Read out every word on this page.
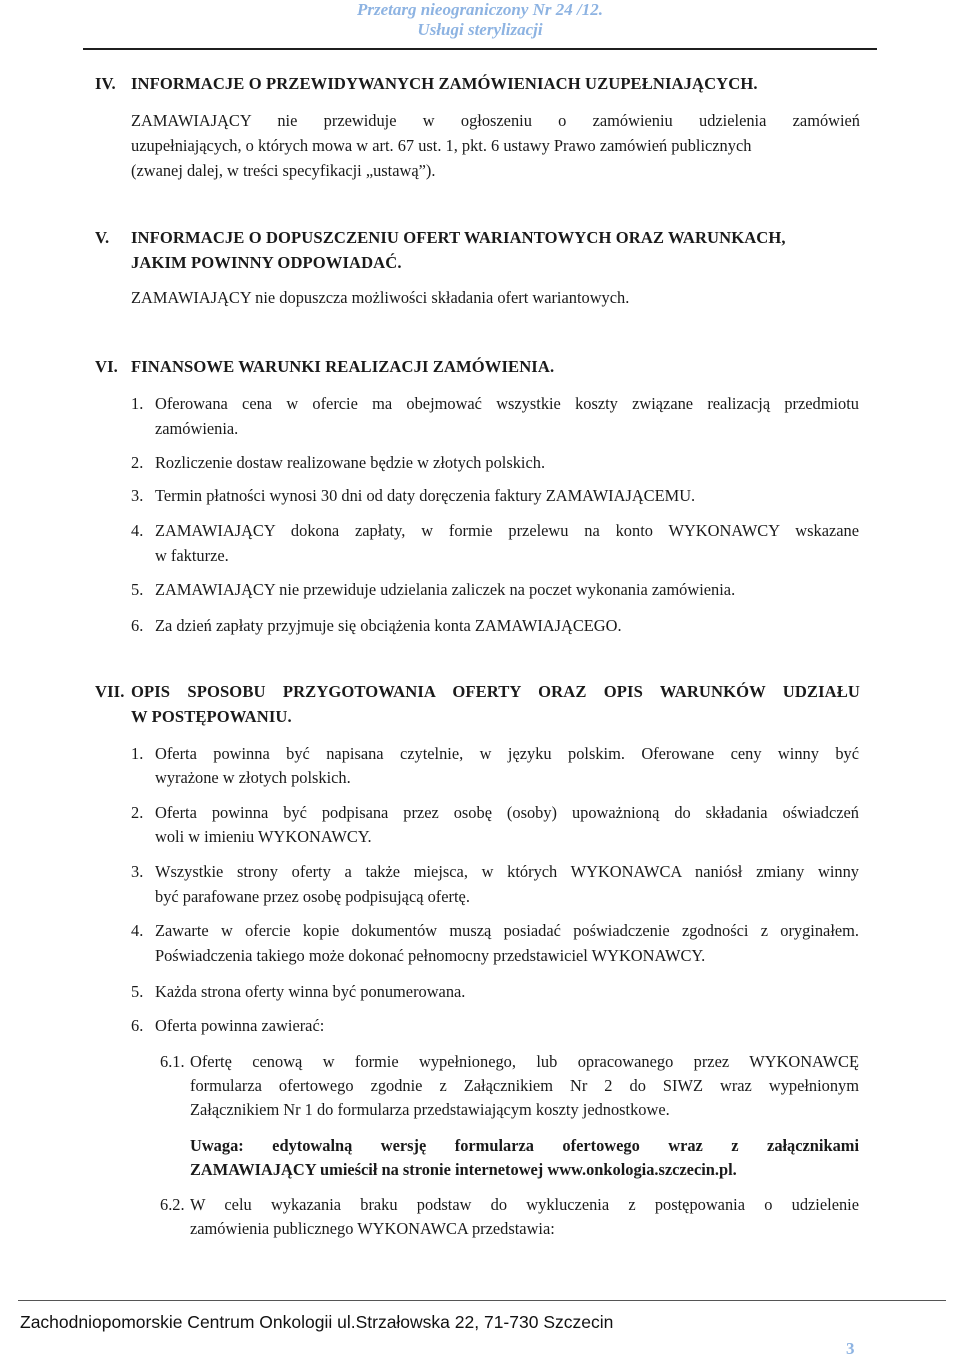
Przetarg nieograniczony Nr 24 /12.
Usługi sterylizacji
IV. INFORMACJE O PRZEWIDYWANYCH ZAMÓWIENIACH UZUPEŁNIAJĄCYCH.
ZAMAWIAJĄCY nie przewiduje w ogłoszeniu o zamówieniu udzielenia zamówień
uzupełniających, o których mowa w art. 67 ust. 1, pkt. 6 ustawy Prawo zamówień publicznych
(zwanej dalej, w treści specyfikacji „ustawą”).
V. INFORMACJE O DOPUSZCZENIU OFERT WARIANTOWYCH ORAZ WARUNKACH,
JAKIM POWINNY ODPOWIADAĆ.
ZAMAWIAJĄCY nie dopuszcza możliwości składania ofert wariantowych.
VI. FINANSOWE WARUNKI REALIZACJI ZAMÓWIENIA.
1. Oferowana cena w ofercie ma obejmować wszystkie koszty związane realizacją przedmiotu
zamówienia.
2. Rozliczenie dostaw realizowane będzie w złotych polskich.
3. Termin płatności wynosi 30 dni od daty doręczenia faktury ZAMAWIAJĄCEMU.
4. ZAMAWIAJĄCY dokona zapłaty, w formie przelewu na konto WYKONAWCY wskazane
w fakturze.
5. ZAMAWIAJĄCY nie przewiduje udzielania zaliczek na poczet wykonania zamówienia.
6. Za dzień zapłaty przyjmuje się obciążenia konta ZAMAWIAJĄCEGO.
VII. OPIS SPOSOBU PRZYGOTOWANIA OFERTY ORAZ OPIS WARUNKÓW UDZIAŁU
W POSTĘPOWANIU.
1. Oferta powinna być napisana czytelnie, w języku polskim. Oferowane ceny winny być
wyrażone w złotych polskich.
2. Oferta powinna być podpisana przez osobę (osoby) upoważnioną do składania oświadczeń
woli w imieniu WYKONAWCY.
3. Wszystkie strony oferty a także miejsca, w których WYKONAWCA naniósł zmiany winny
być parafowane przez osobę podpisującą ofertę.
4. Zawarte w ofercie kopie dokumentów muszą posiadać poświadczenie zgodności z oryginałem.
Poświadczenia takiego może dokonać pełnomocny przedstawiciel WYKONAWCY.
5. Każda strona oferty winna być ponumerowana.
6. Oferta powinna zawierać:
6.1. Ofertę cenową w formie wypełnionego, lub opracowanego przez WYKONAWCĘ
formularza ofertowego zgodnie z Załącznikiem Nr 2 do SIWZ wraz wypełnionym
Załącznikiem Nr 1 do formularza przedstawiającym koszty jednostkowe.
Uwaga: edytowalną wersję formularza ofertowego wraz z załącznikami
ZAMAWIAJĄCY umieścił na stronie internetowej www.onkologia.szczecin.pl.
6.2. W celu wykazania braku podstaw do wykluczenia z postępowania o udzielenie
zamówienia publicznego WYKONAWCA przedstawia:
Zachodniopomorskie Centrum Onkologii ul.Strzałowska 22, 71-730 Szczecin
3
